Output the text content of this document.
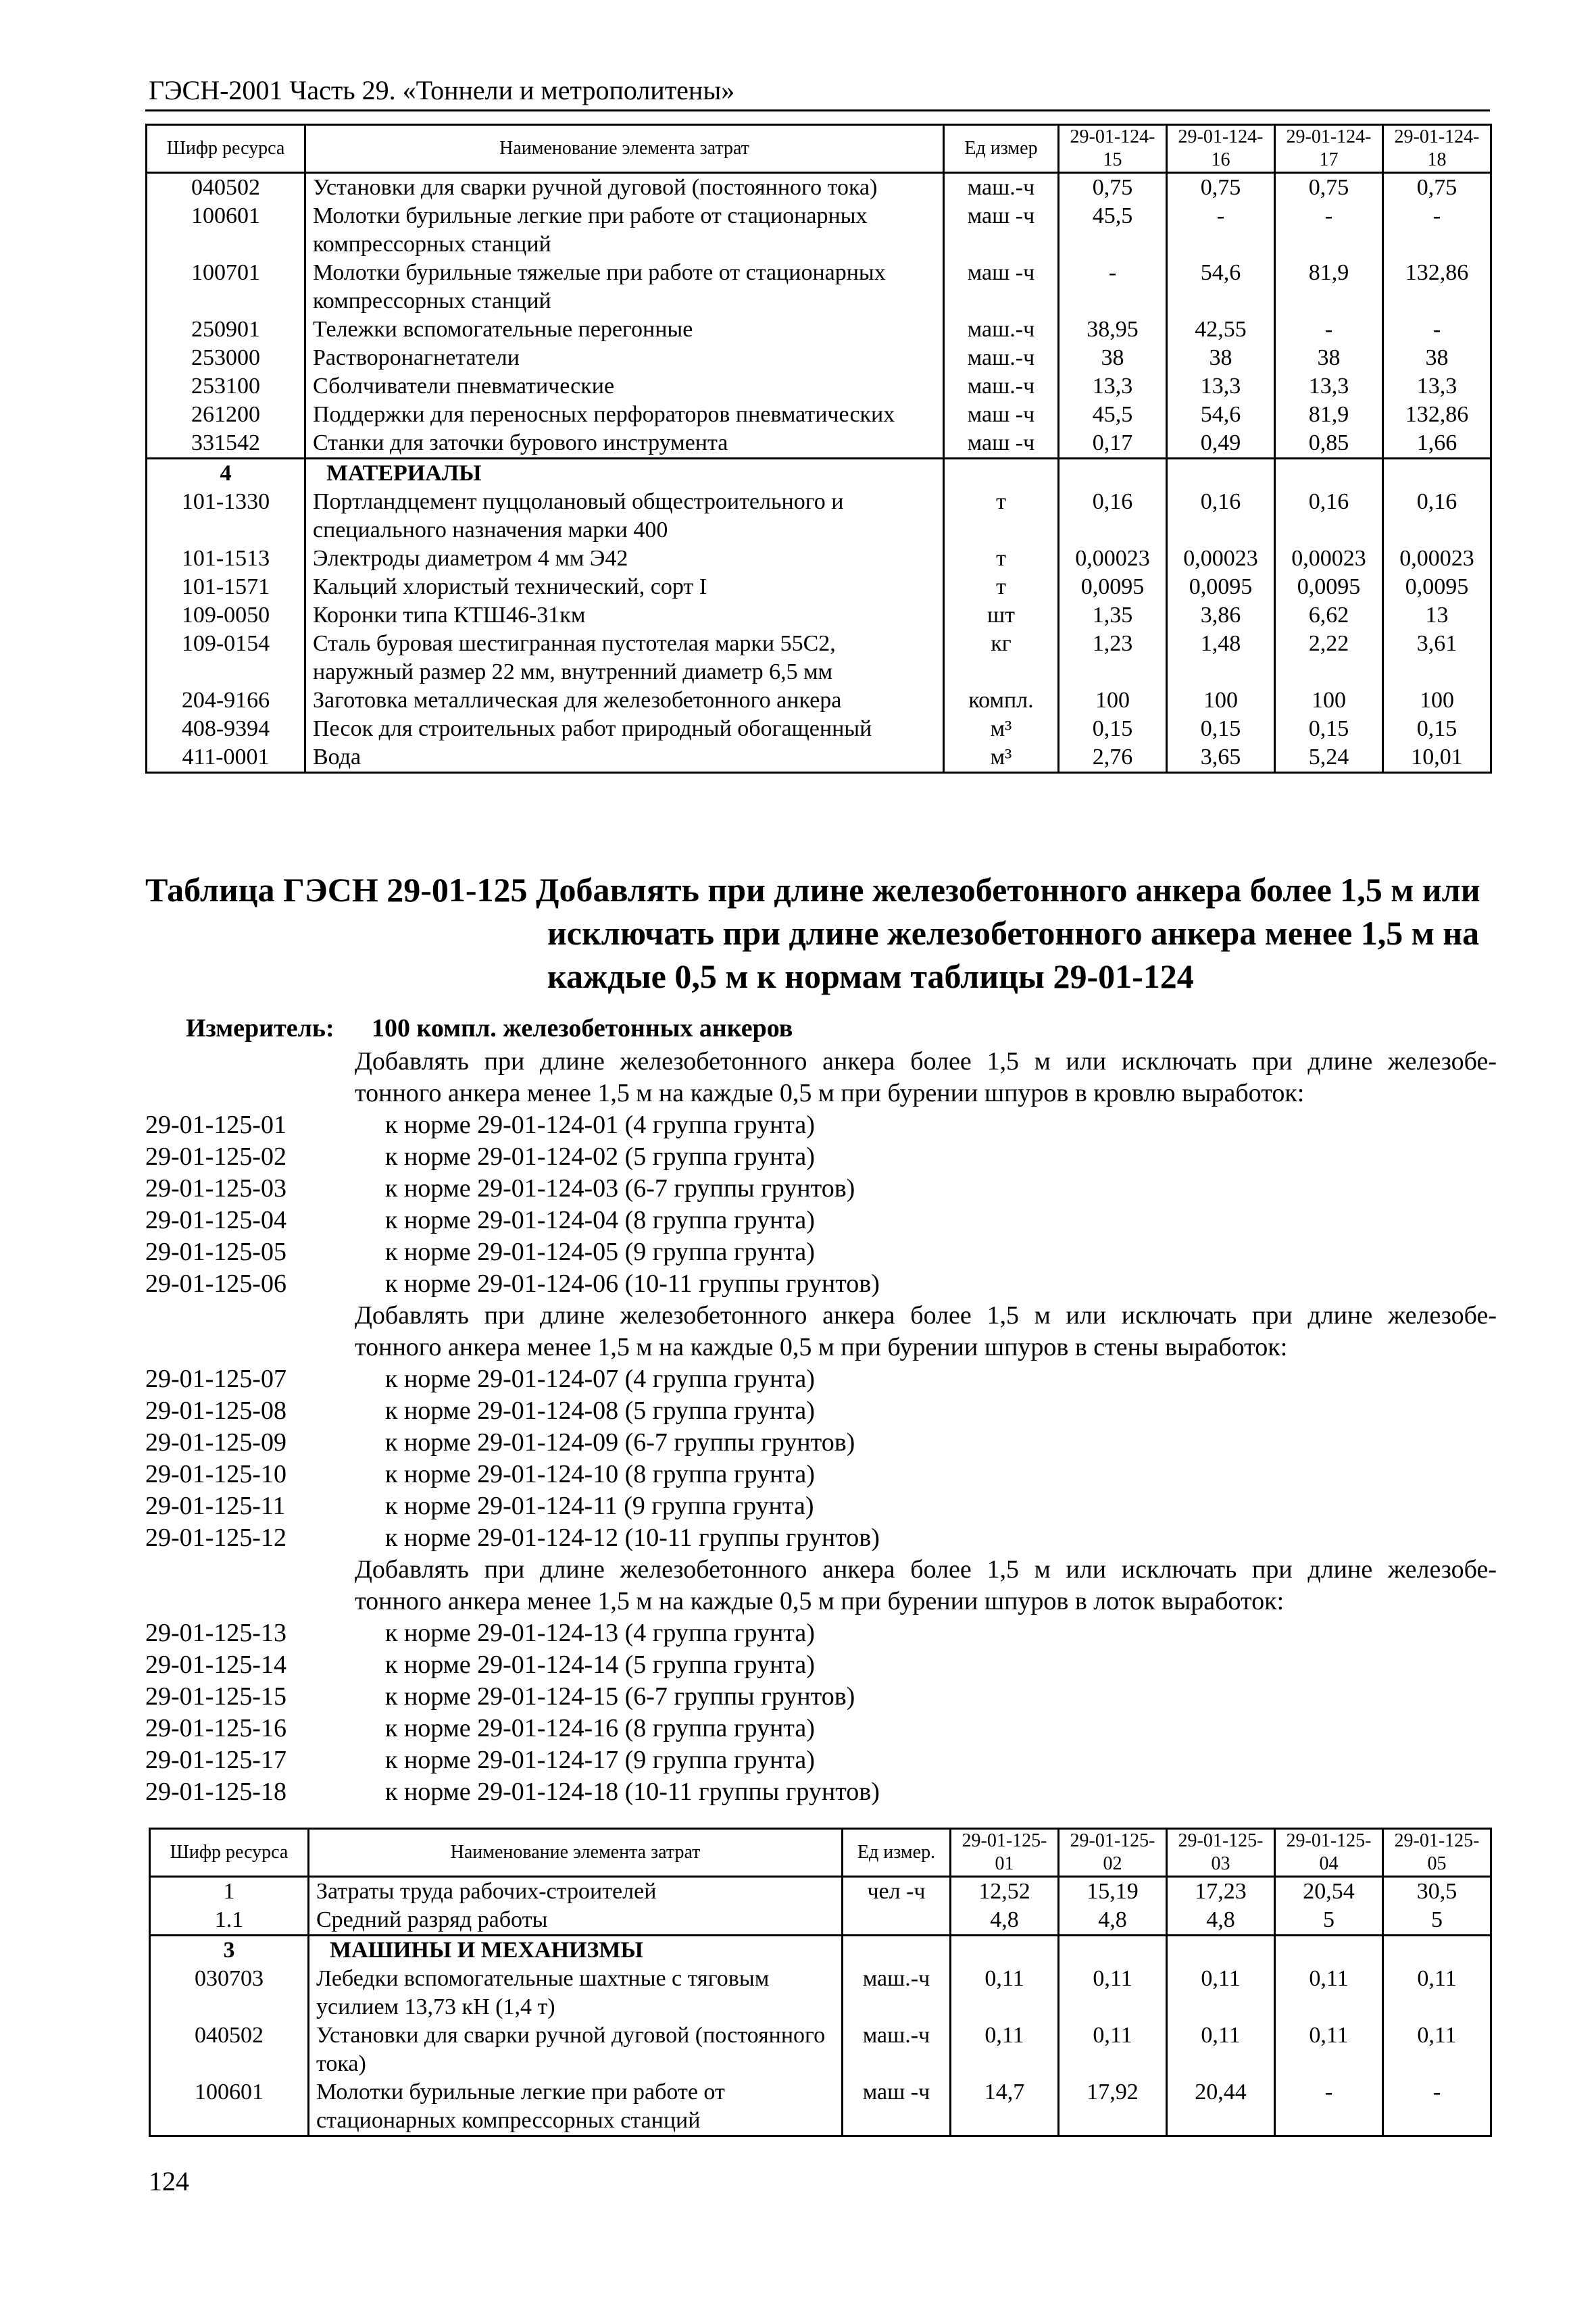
ГЭСН-2001 Часть 29. «Тоннели и метрополитены»
Шифр ресурса	Наименование элемента затрат	Ед измер	29-01-124-15	29-01-124-16	29-01-124-17	29-01-124-18
040502	Установки для сварки ручной дуговой (постоянного тока)	маш.-ч	0,75	0,75	0,75	0,75
100601	Молотки бурильные легкие при работе от стационарных компрессорных станций	маш -ч	45,5	-	-	-
100701	Молотки бурильные тяжелые при работе от стационарных компрессорных станций	маш -ч	-	54,6	81,9	132,86
250901	Тележки вспомогательные перегонные	маш.-ч	38,95	42,55	-	-
253000	Растворонагнетатели	маш.-ч	38	38	38	38
253100	Сболчиватели пневматические	маш.-ч	13,3	13,3	13,3	13,3
261200	Поддержки для переносных перфораторов пневматических	маш -ч	45,5	54,6	81,9	132,86
331542	Станки для заточки бурового инструмента	маш -ч	0,17	0,49	0,85	1,66
4	МАТЕРИАЛЫ					
101-1330	Портландцемент пуццолановый общестроительного и специального назначения марки 400	т	0,16	0,16	0,16	0,16
101-1513	Электроды диаметром 4 мм Э42	т	0,00023	0,00023	0,00023	0,00023
101-1571	Кальций хлористый технический, сорт I	т	0,0095	0,0095	0,0095	0,0095
109-0050	Коронки типа КТШ46-31км	шт	1,35	3,86	6,62	13
109-0154	Сталь буровая шестигранная пустотелая марки 55С2, наружный размер 22 мм, внутренний диаметр 6,5 мм	кг	1,23	1,48	2,22	3,61
204-9166	Заготовка металлическая для железобетонного анкера	компл.	100	100	100	100
408-9394	Песок для строительных работ природный обогащенный	м³	0,15	0,15	0,15	0,15
411-0001	Вода	м³	2,76	3,65	5,24	10,01
Таблица ГЭСН 29-01-125 Добавлять при длине железобетонного анкера более 1,5 м или
исключать при длине железобетонного анкера менее 1,5 м на
каждые 0,5 м к нормам таблицы 29-01-124
Измеритель: 100 компл. железобетонных анкеров
Добавлять при длине железобетонного анкера более 1,5 м или исключать при длине железобе-
тонного анкера менее 1,5 м на каждые 0,5 м при бурении шпуров в кровлю выработок:
29-01-125-01	к норме 29-01-124-01 (4 группа грунта)
29-01-125-02	к норме 29-01-124-02 (5 группа грунта)
29-01-125-03	к норме 29-01-124-03 (6-7 группы грунтов)
29-01-125-04	к норме 29-01-124-04 (8 группа грунта)
29-01-125-05	к норме 29-01-124-05 (9 группа грунта)
29-01-125-06	к норме 29-01-124-06 (10-11 группы грунтов)
Добавлять при длине железобетонного анкера более 1,5 м или исключать при длине железобе-
тонного анкера менее 1,5 м на каждые 0,5 м при бурении шпуров в стены выработок:
29-01-125-07	к норме 29-01-124-07 (4 группа грунта)
29-01-125-08	к норме 29-01-124-08 (5 группа грунта)
29-01-125-09	к норме 29-01-124-09 (6-7 группы грунтов)
29-01-125-10	к норме 29-01-124-10 (8 группа грунта)
29-01-125-11	к норме 29-01-124-11 (9 группа грунта)
29-01-125-12	к норме 29-01-124-12 (10-11 группы грунтов)
Добавлять при длине железобетонного анкера более 1,5 м или исключать при длине железобе-
тонного анкера менее 1,5 м на каждые 0,5 м при бурении шпуров в лоток выработок:
29-01-125-13	к норме 29-01-124-13 (4 группа грунта)
29-01-125-14	к норме 29-01-124-14 (5 группа грунта)
29-01-125-15	к норме 29-01-124-15 (6-7 группы грунтов)
29-01-125-16	к норме 29-01-124-16 (8 группа грунта)
29-01-125-17	к норме 29-01-124-17 (9 группа грунта)
29-01-125-18	к норме 29-01-124-18 (10-11 группы грунтов)
Шифр ресурса	Наименование элемента затрат	Ед измер.	29-01-125-01	29-01-125-02	29-01-125-03	29-01-125-04	29-01-125-05
1	Затраты труда рабочих-строителей	чел -ч	12,52	15,19	17,23	20,54	30,5
1.1	Средний разряд работы		4,8	4,8	4,8	5	5
3	МАШИНЫ И МЕХАНИЗМЫ						
030703	Лебедки вспомогательные шахтные с тяговым усилием 13,73 кН (1,4 т)	маш.-ч	0,11	0,11	0,11	0,11	0,11
040502	Установки для сварки ручной дуговой (постоянного тока)	маш.-ч	0,11	0,11	0,11	0,11	0,11
100601	Молотки бурильные легкие при работе от стационарных компрессорных станций	маш -ч	14,7	17,92	20,44	-	-
124
